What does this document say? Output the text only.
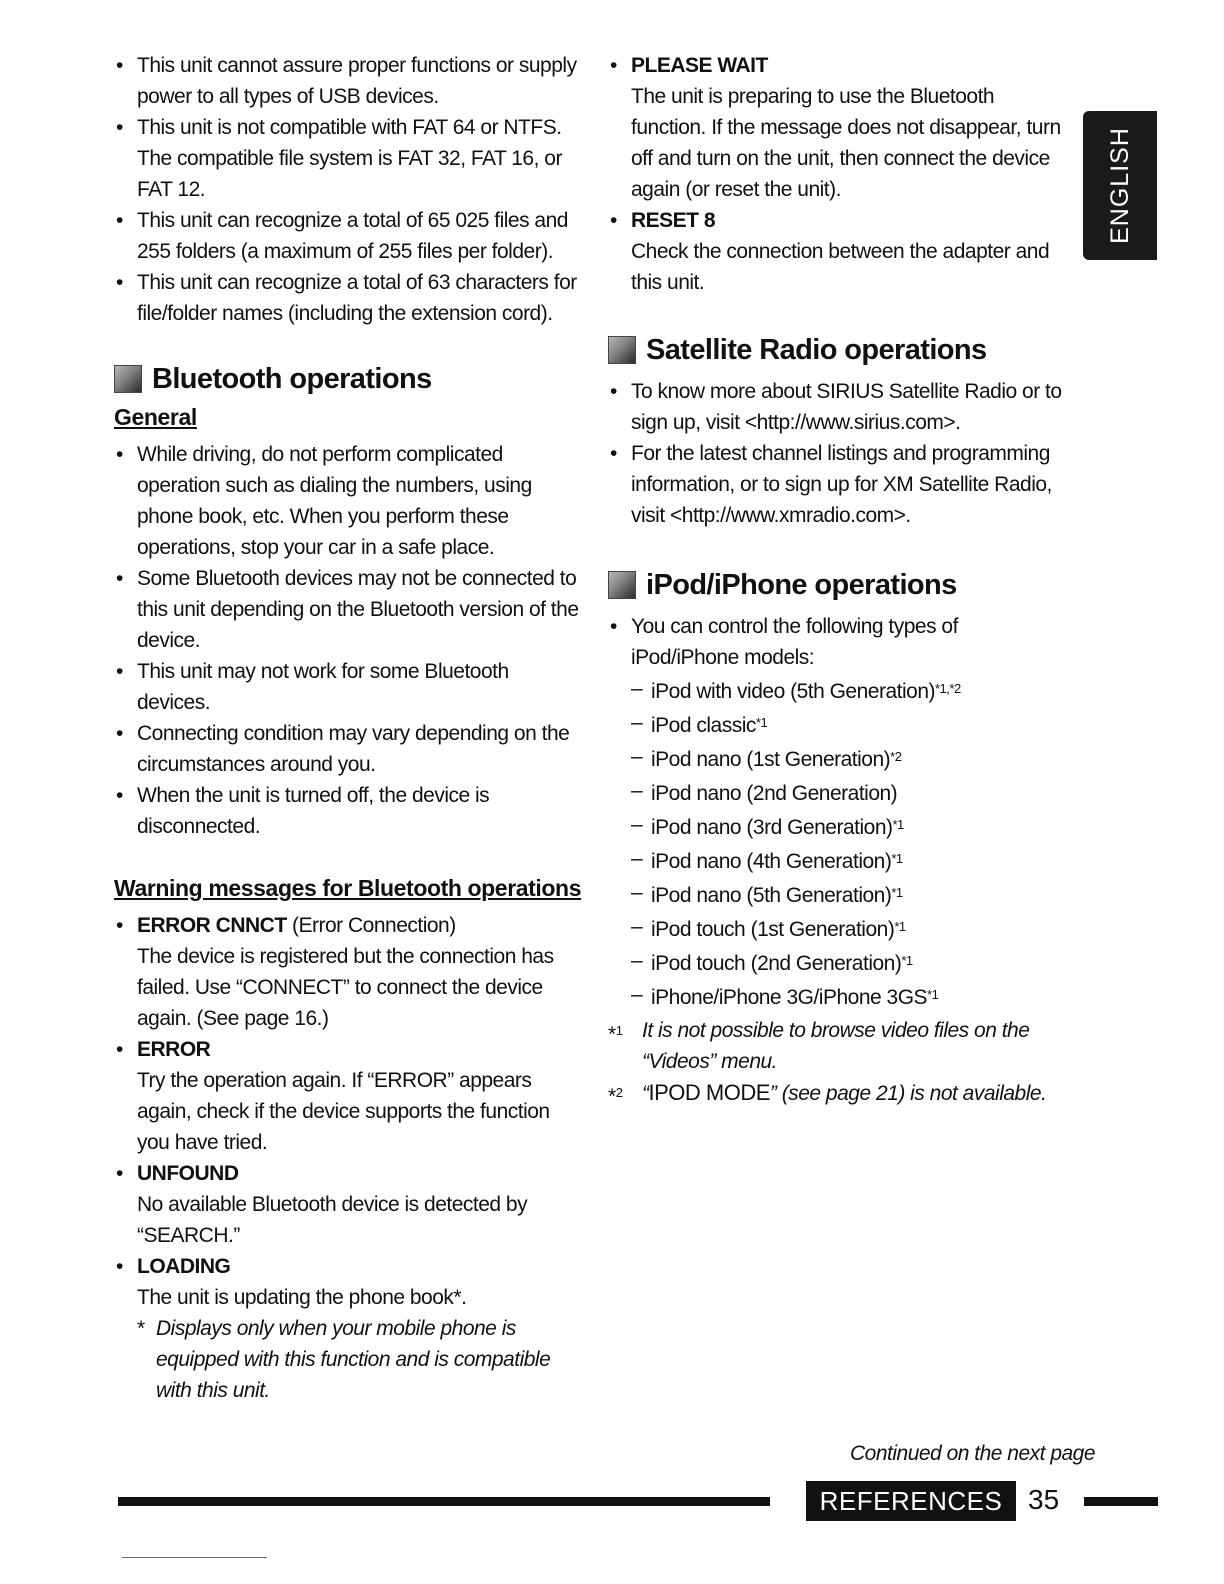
• This unit cannot assure proper functions or supply power to all types of USB devices.
• This unit is not compatible with FAT 64 or NTFS. The compatible file system is FAT 32, FAT 16, or FAT 12.
• This unit can recognize a total of 65 025 files and 255 folders (a maximum of 255 files per folder).
• This unit can recognize a total of 63 characters for file/folder names (including the extension cord).
Bluetooth operations
General
• While driving, do not perform complicated operation such as dialing the numbers, using phone book, etc. When you perform these operations, stop your car in a safe place.
• Some Bluetooth devices may not be connected to this unit depending on the Bluetooth version of the device.
• This unit may not work for some Bluetooth devices.
• Connecting condition may vary depending on the circumstances around you.
• When the unit is turned off, the device is disconnected.
Warning messages for Bluetooth operations
• ERROR CNNCT (Error Connection)
The device is registered but the connection has failed. Use “CONNECT” to connect the device again. (See page 16.)
• ERROR
Try the operation again. If “ERROR” appears again, check if the device supports the function you have tried.
• UNFOUND
No available Bluetooth device is detected by “SEARCH.”
• LOADING
The unit is updating the phone book*.
* Displays only when your mobile phone is equipped with this function and is compatible with this unit.
• PLEASE WAIT
The unit is preparing to use the Bluetooth function. If the message does not disappear, turn off and turn on the unit, then connect the device again (or reset the unit).
• RESET 8
Check the connection between the adapter and this unit.
Satellite Radio operations
• To know more about SIRIUS Satellite Radio or to sign up, visit <http://www.sirius.com>.
• For the latest channel listings and programming information, or to sign up for XM Satellite Radio, visit <http://www.xmradio.com>.
iPod/iPhone operations
• You can control the following types of iPod/iPhone models:
– iPod with video (5th Generation)$^{*1,*2}$
– iPod classic$^{*1}$
– iPod nano (1st Generation)$^{*2}$
– iPod nano (2nd Generation)
– iPod nano (3rd Generation)$^{*1}$
– iPod nano (4th Generation)$^{*1}$
– iPod nano (5th Generation)$^{*1}$
– iPod touch (1st Generation)$^{*1}$
– iPod touch (2nd Generation)$^{*1}$
– iPhone/iPhone 3G/iPhone 3GS$^{*1}$
*$^1$ It is not possible to browse video files on the “Videos” menu.
*$^2$ “IPOD MODE” (see page 21) is not available.
ENGLISH
Continued on the next page
REFERENCES 35
